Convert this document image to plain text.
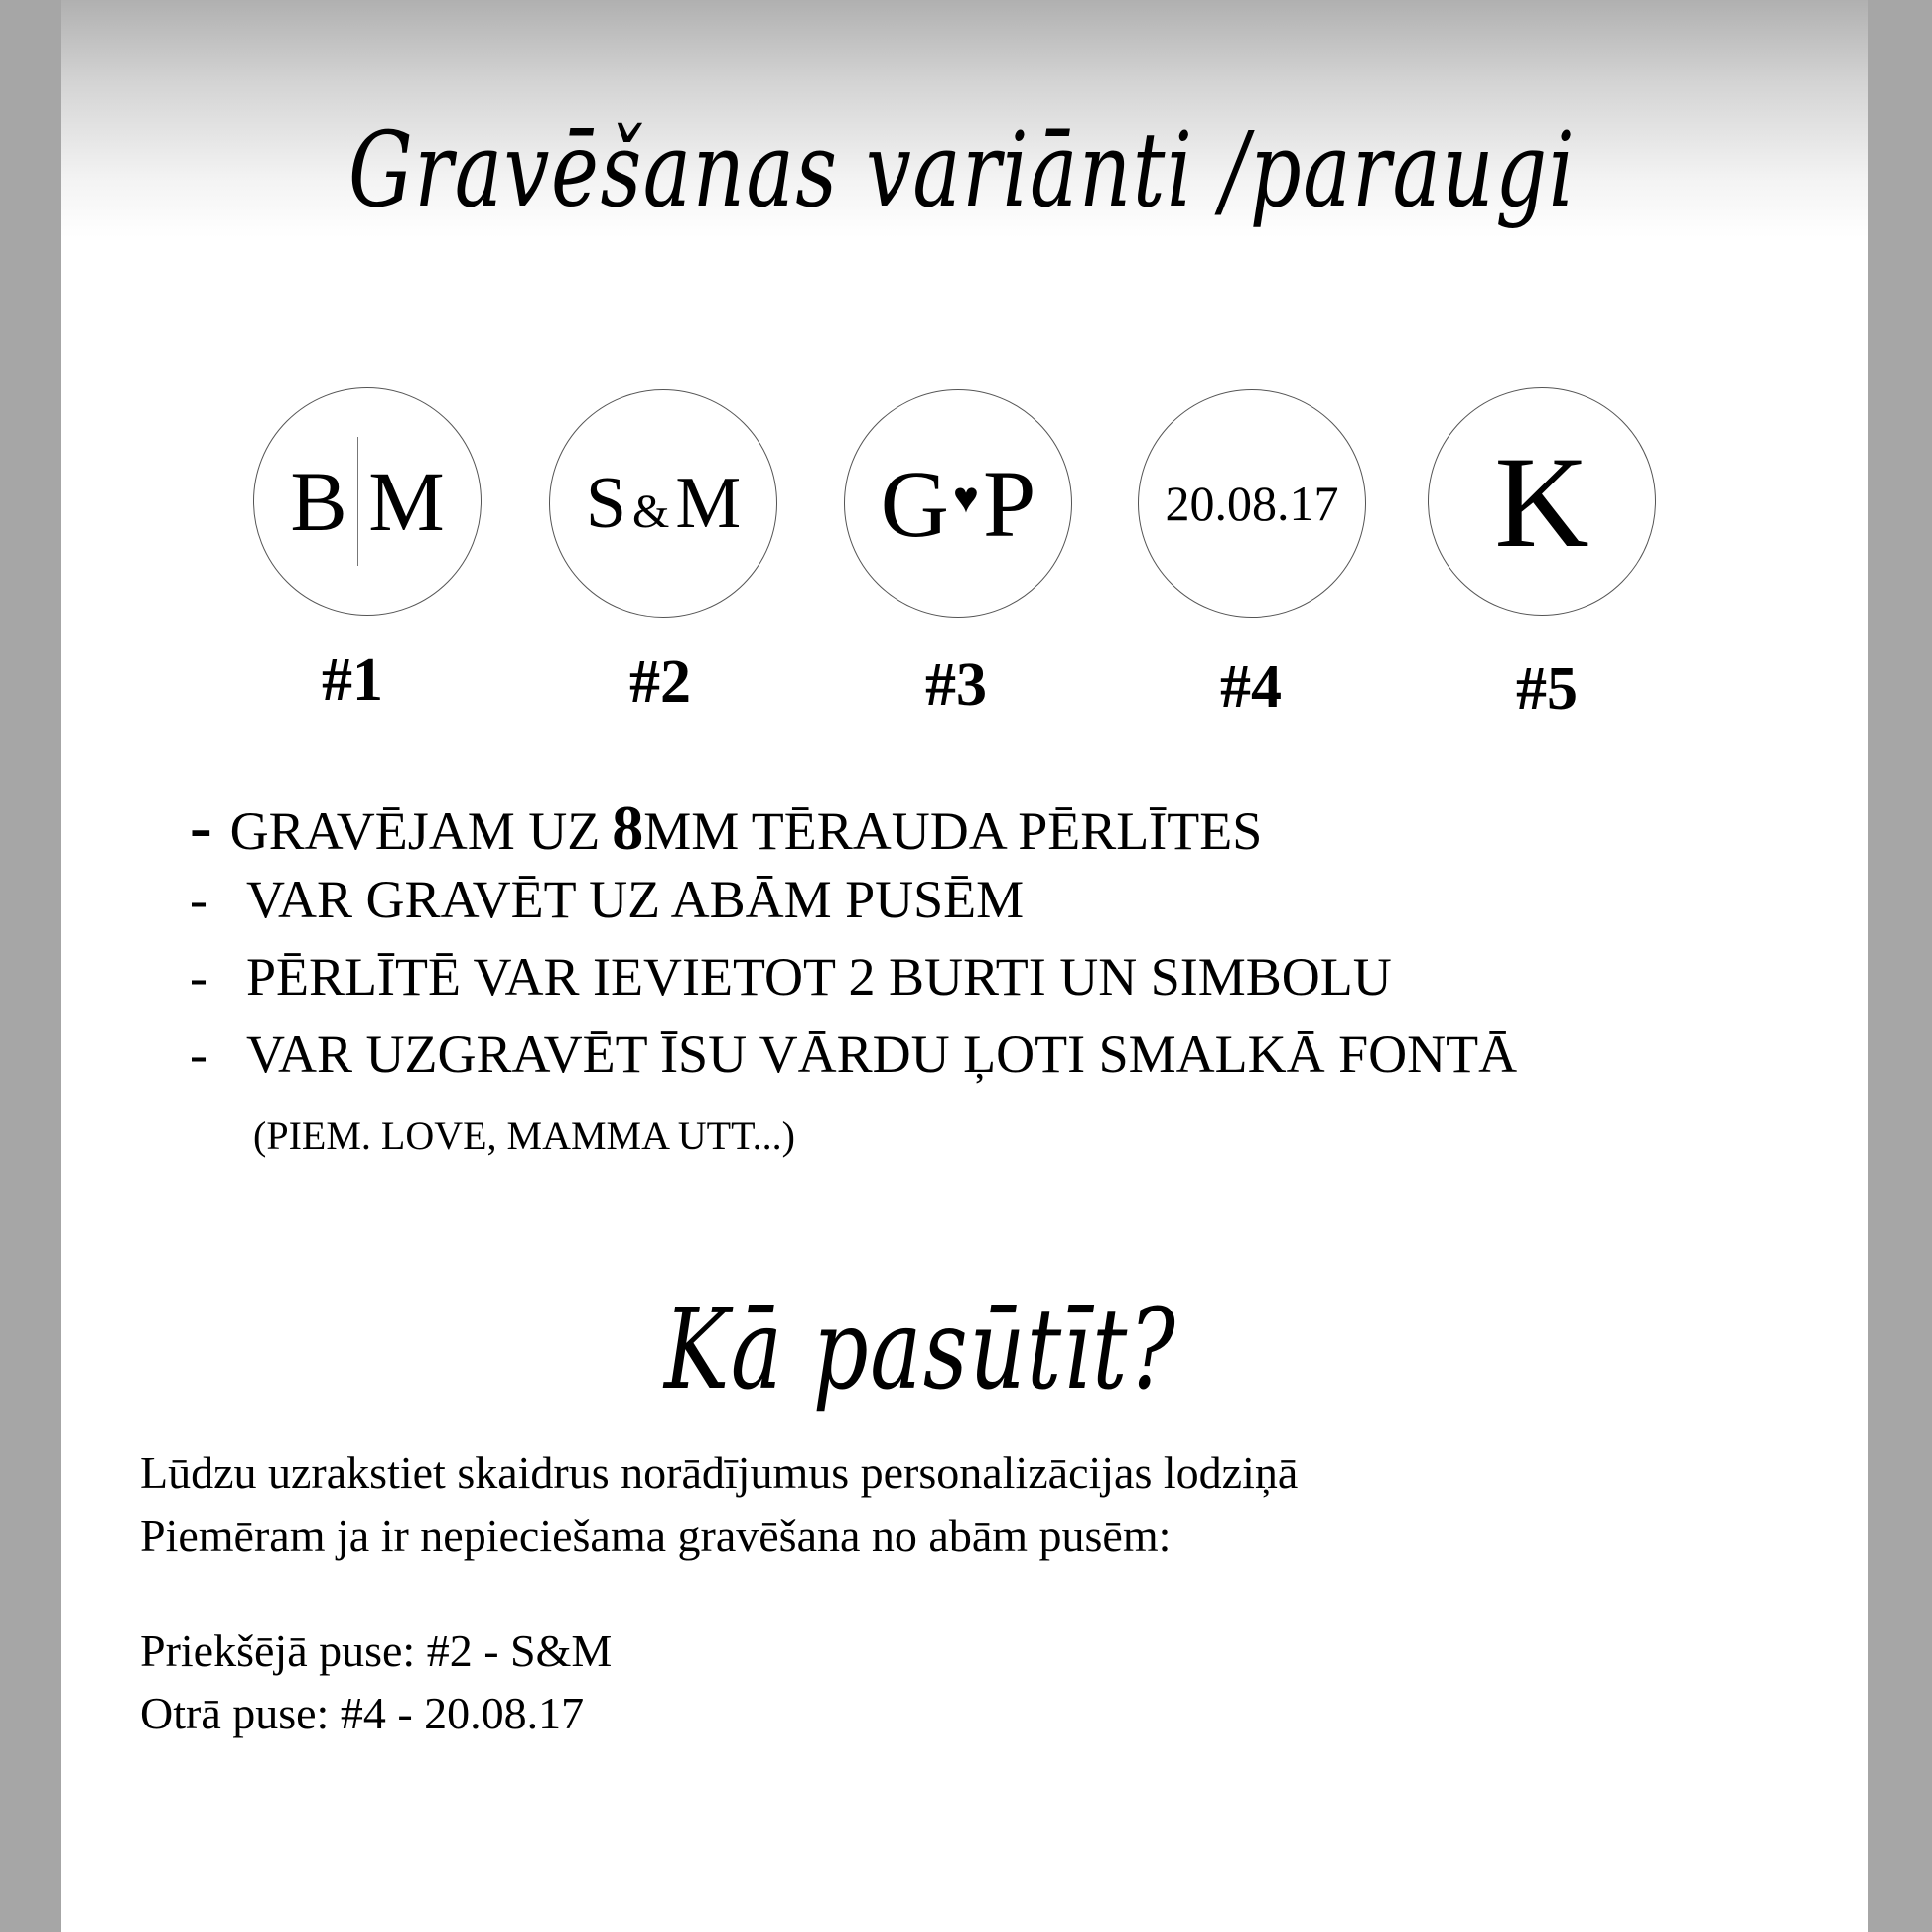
Gravēšanas variānti /paraugi
B M S &M G ♥ P	20.08.17 K
#1	#2	#3	#4	#5
- GRAVĒJAM UZ 8MM TĒRAUDA PĒRLĪTES
- VAR GRAVĒT UZ ABĀM PUSĒM
- PĒRLĪTĒ VAR IEVIETOT 2 BURTI UN SIMBOLU
- VAR UZGRAVĒT ĪSU VĀRDU ĻOTI SMALKĀ FONTĀ
(PIEM. LOVE, MAMMA UTT...)
Kā pasūtīt?
Lūdzu uzrakstiet skaidrus norādījumus personalizācijas lodziņā
Piemēram ja ir nepieciešama gravēšana no abām pusēm:
Priekšējā puse: #2 - S&M
Otrā puse: #4 - 20.08.17
